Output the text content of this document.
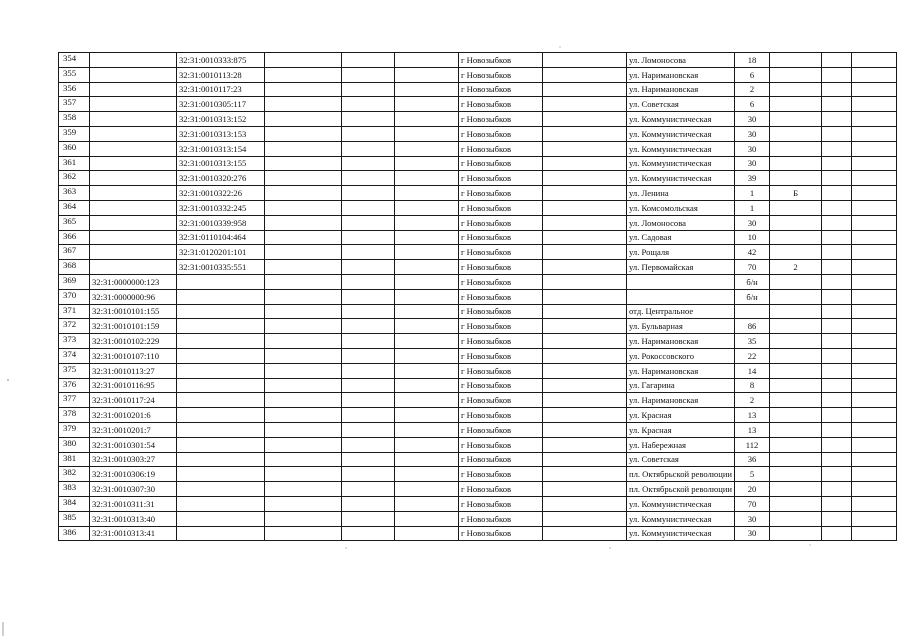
354		32:31:0010333:875				г Новозыбков		ул. Ломоносова	18			
355		32:31:0010113:28				г Новозыбков		ул. Наримановская	6			
356		32:31:0010117:23				г Новозыбков		ул. Наримановская	2			
357		32:31:0010305:117				г Новозыбков		ул. Советская	6			
358		32:31:0010313:152				г Новозыбков		ул. Коммунистическая	30			
359		32:31:0010313:153				г Новозыбков		ул. Коммунистическая	30			
360		32:31:0010313:154				г Новозыбков		ул. Коммунистическая	30			
361		32:31:0010313:155				г Новозыбков		ул. Коммунистическая	30			
362		32:31:0010320:276				г Новозыбков		ул. Коммунистическая	39			
363		32:31:0010322:26				г Новозыбков		ул. Ленина	1	Б		
364		32:31:0010332:245				г Новозыбков		ул. Комсомольская	1			
365		32:31:0010339:958				г Новозыбков		ул. Ломоносова	30			
366		32:31:0110104:464				г Новозыбков		ул. Садовая	10			
367		32:31:0120201:101				г Новозыбков		ул. Рощаля	42			
368		32:31:0010335:551				г Новозыбков		ул. Первомайская	70	2		
369	32:31:0000000:123					г Новозыбков			б/н			
370	32:31:0000000:96					г Новозыбков			б/н			
371	32:31:0010101:155					г Новозыбков		отд. Центральное				
372	32:31:0010101:159					г Новозыбков		ул. Бульварная	86			
373	32:31:0010102:229					г Новозыбков		ул. Наримановская	35			
374	32:31:0010107:110					г Новозыбков		ул. Рокоссовского	22			
375	32:31:0010113:27					г Новозыбков		ул. Наримановская	14			
376	32:31:0010116:95					г Новозыбков		ул. Гагарина	8			
377	32:31:0010117:24					г Новозыбков		ул. Наримановская	2			
378	32:31:0010201:6					г Новозыбков		ул. Красная	13			
379	32:31:0010201:7					г Новозыбков		ул. Красная	13			
380	32:31:0010301:54					г Новозыбков		ул. Набережная	112			
381	32:31:0010303:27					г Новозыбков		ул. Советская	36			
382	32:31:0010306:19					г Новозыбков		пл. Октябрьской революции	5			
383	32:31:0010307:30					г Новозыбков		пл. Октябрьской революции	20			
384	32:31:0010311:31					г Новозыбков		ул. Коммунистическая	70			
385	32:31:0010313:40					г Новозыбков		ул. Коммунистическая	30			
386	32:31:0010313:41					г Новозыбков		ул. Коммунистическая	30			
